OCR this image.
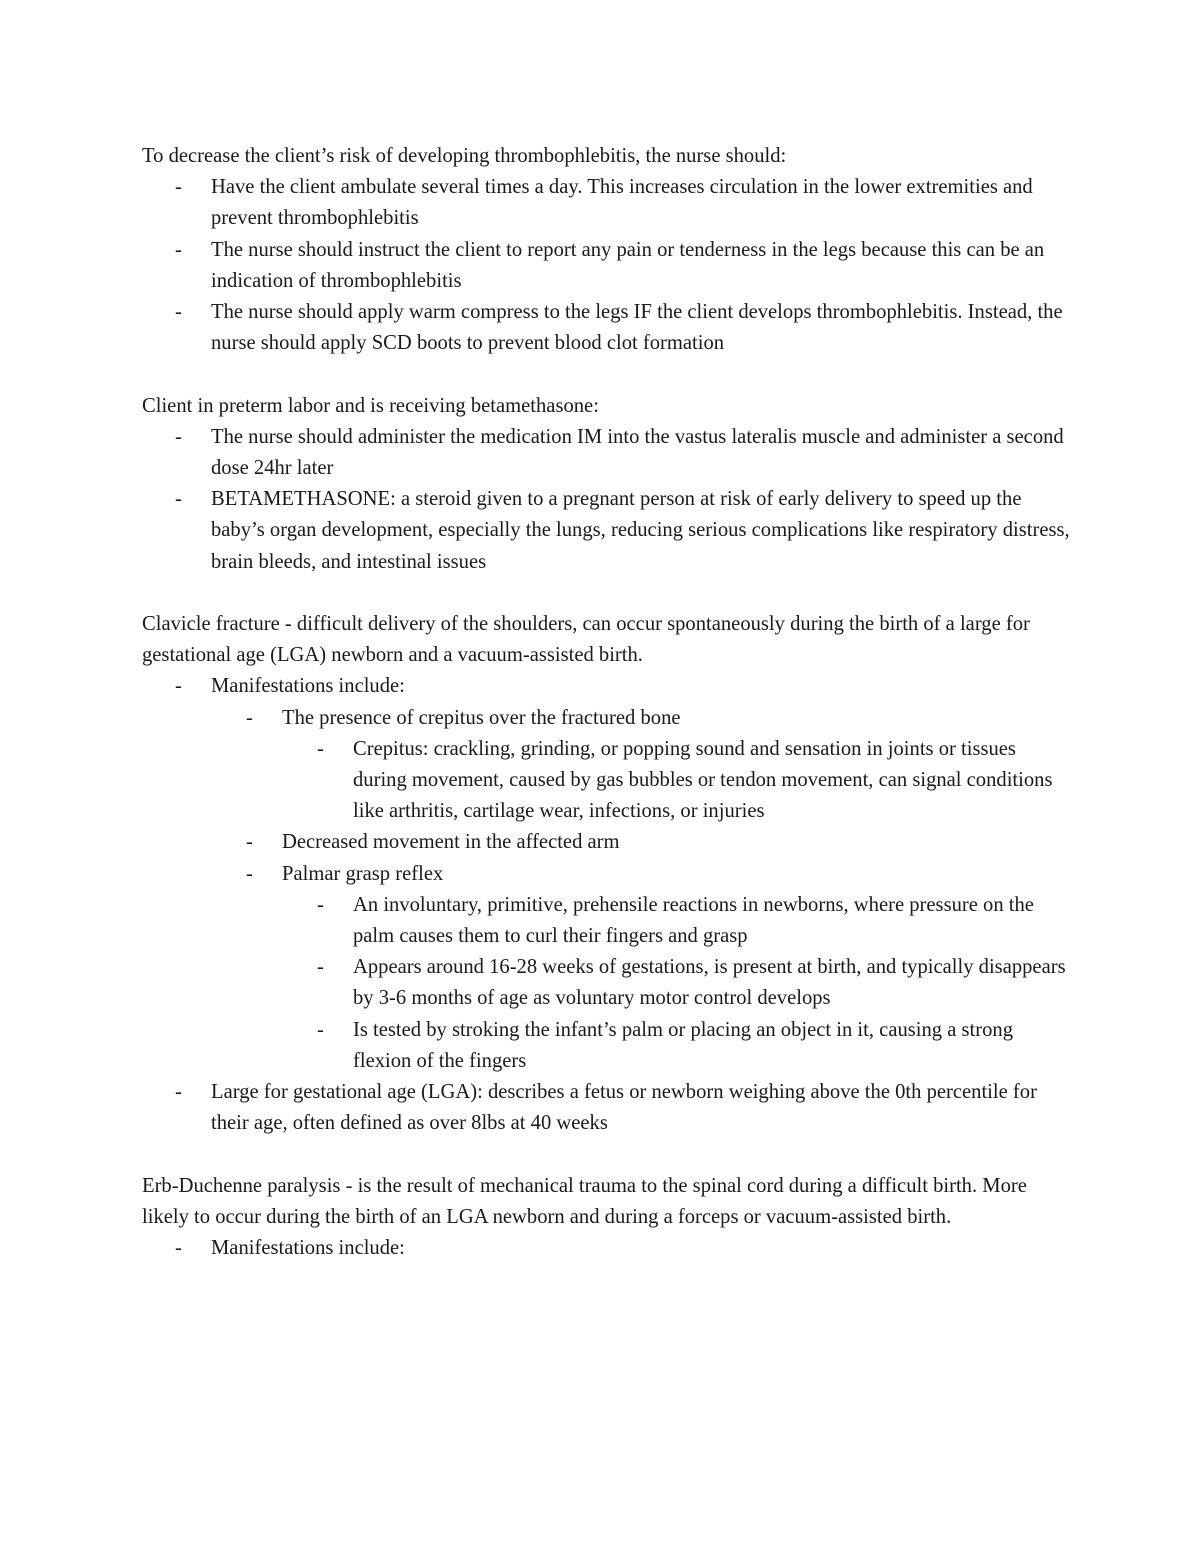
To decrease the client’s risk of developing thrombophlebitis, the nurse should:

- Have the client ambulate several times a day. This increases circulation in the lower extremities and prevent thrombophlebitis
- The nurse should instruct the client to report any pain or tenderness in the legs because this can be an indication of thrombophlebitis
- The nurse should apply warm compress to the legs IF the client develops thrombophlebitis. Instead, the nurse should apply SCD boots to prevent blood clot formation

Client in preterm labor and is receiving betamethasone:

- The nurse should administer the medication IM into the vastus lateralis muscle and administer a second dose 24hr later
- BETAMETHASONE: a steroid given to a pregnant person at risk of early delivery to speed up the baby’s organ development, especially the lungs, reducing serious complications like respiratory distress, brain bleeds, and intestinal issues

Clavicle fracture - difficult delivery of the shoulders, can occur spontaneously during the birth of a large for gestational age (LGA) newborn and a vacuum-assisted birth.

- Manifestations include:
- The presence of crepitus over the fractured bone
- Crepitus: crackling, grinding, or popping sound and sensation in joints or tissues during movement, caused by gas bubbles or tendon movement, can signal conditions like arthritis, cartilage wear, infections, or injuries
- Decreased movement in the affected arm
- Palmar grasp reflex
- An involuntary, primitive, prehensile reactions in newborns, where pressure on the palm causes them to curl their fingers and grasp
- Appears around 16-28 weeks of gestations, is present at birth, and typically disappears by 3-6 months of age as voluntary motor control develops
- Is tested by stroking the infant’s palm or placing an object in it, causing a strong flexion of the fingers
- Large for gestational age (LGA): describes a fetus or newborn weighing above the 0th percentile for their age, often defined as over 8lbs at 40 weeks

Erb-Duchenne paralysis - is the result of mechanical trauma to the spinal cord during a difficult birth. More likely to occur during the birth of an LGA newborn and during a forceps or vacuum-assisted birth.

- Manifestations include:
